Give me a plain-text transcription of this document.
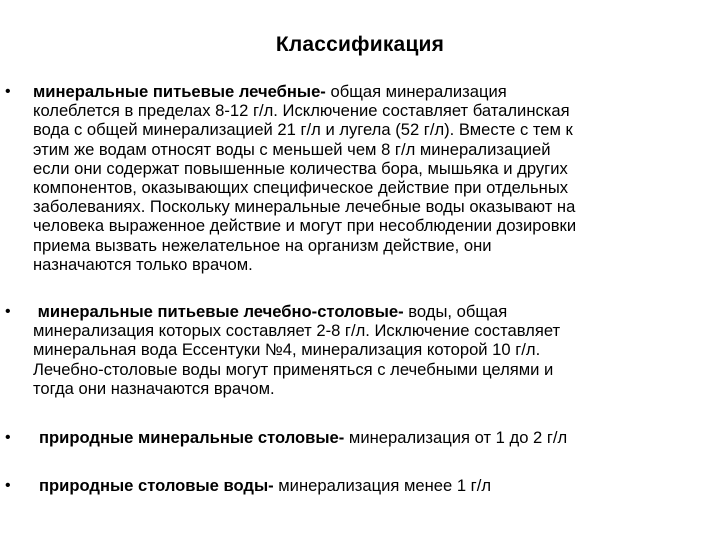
Классификация
• минеральные питьевые лечебные- общая минерализация
колеблется в пределах 8-12 г/л. Исключение составляет баталинская
вода с общей минерализацией 21 г/л и лугела (52 г/л). Вместе с тем к
этим же водам относят воды с меньшей чем 8 г/л минерализацией
если они содержат повышенные количества бора, мышьяка и других
компонентов, оказывающих специфическое действие при отдельных
заболеваниях. Поскольку минеральные лечебные воды оказывают на
человека выраженное действие и могут при несоблюдении дозировки
приема вызвать нежелательное на организм действие, они
назначаются только врачом.
• минеральные питьевые лечебно-столовые- воды, общая
минерализация которых составляет 2-8 г/л. Исключение составляет
минеральная вода Ессентуки №4, минерализация которой 10 г/л.
Лечебно-столовые воды могут применяться с лечебными целями и
тогда они назначаются врачом.
• природные минеральные столовые- минерализация от 1 до 2 г/л
• природные столовые воды- минерализация менее 1 г/л
